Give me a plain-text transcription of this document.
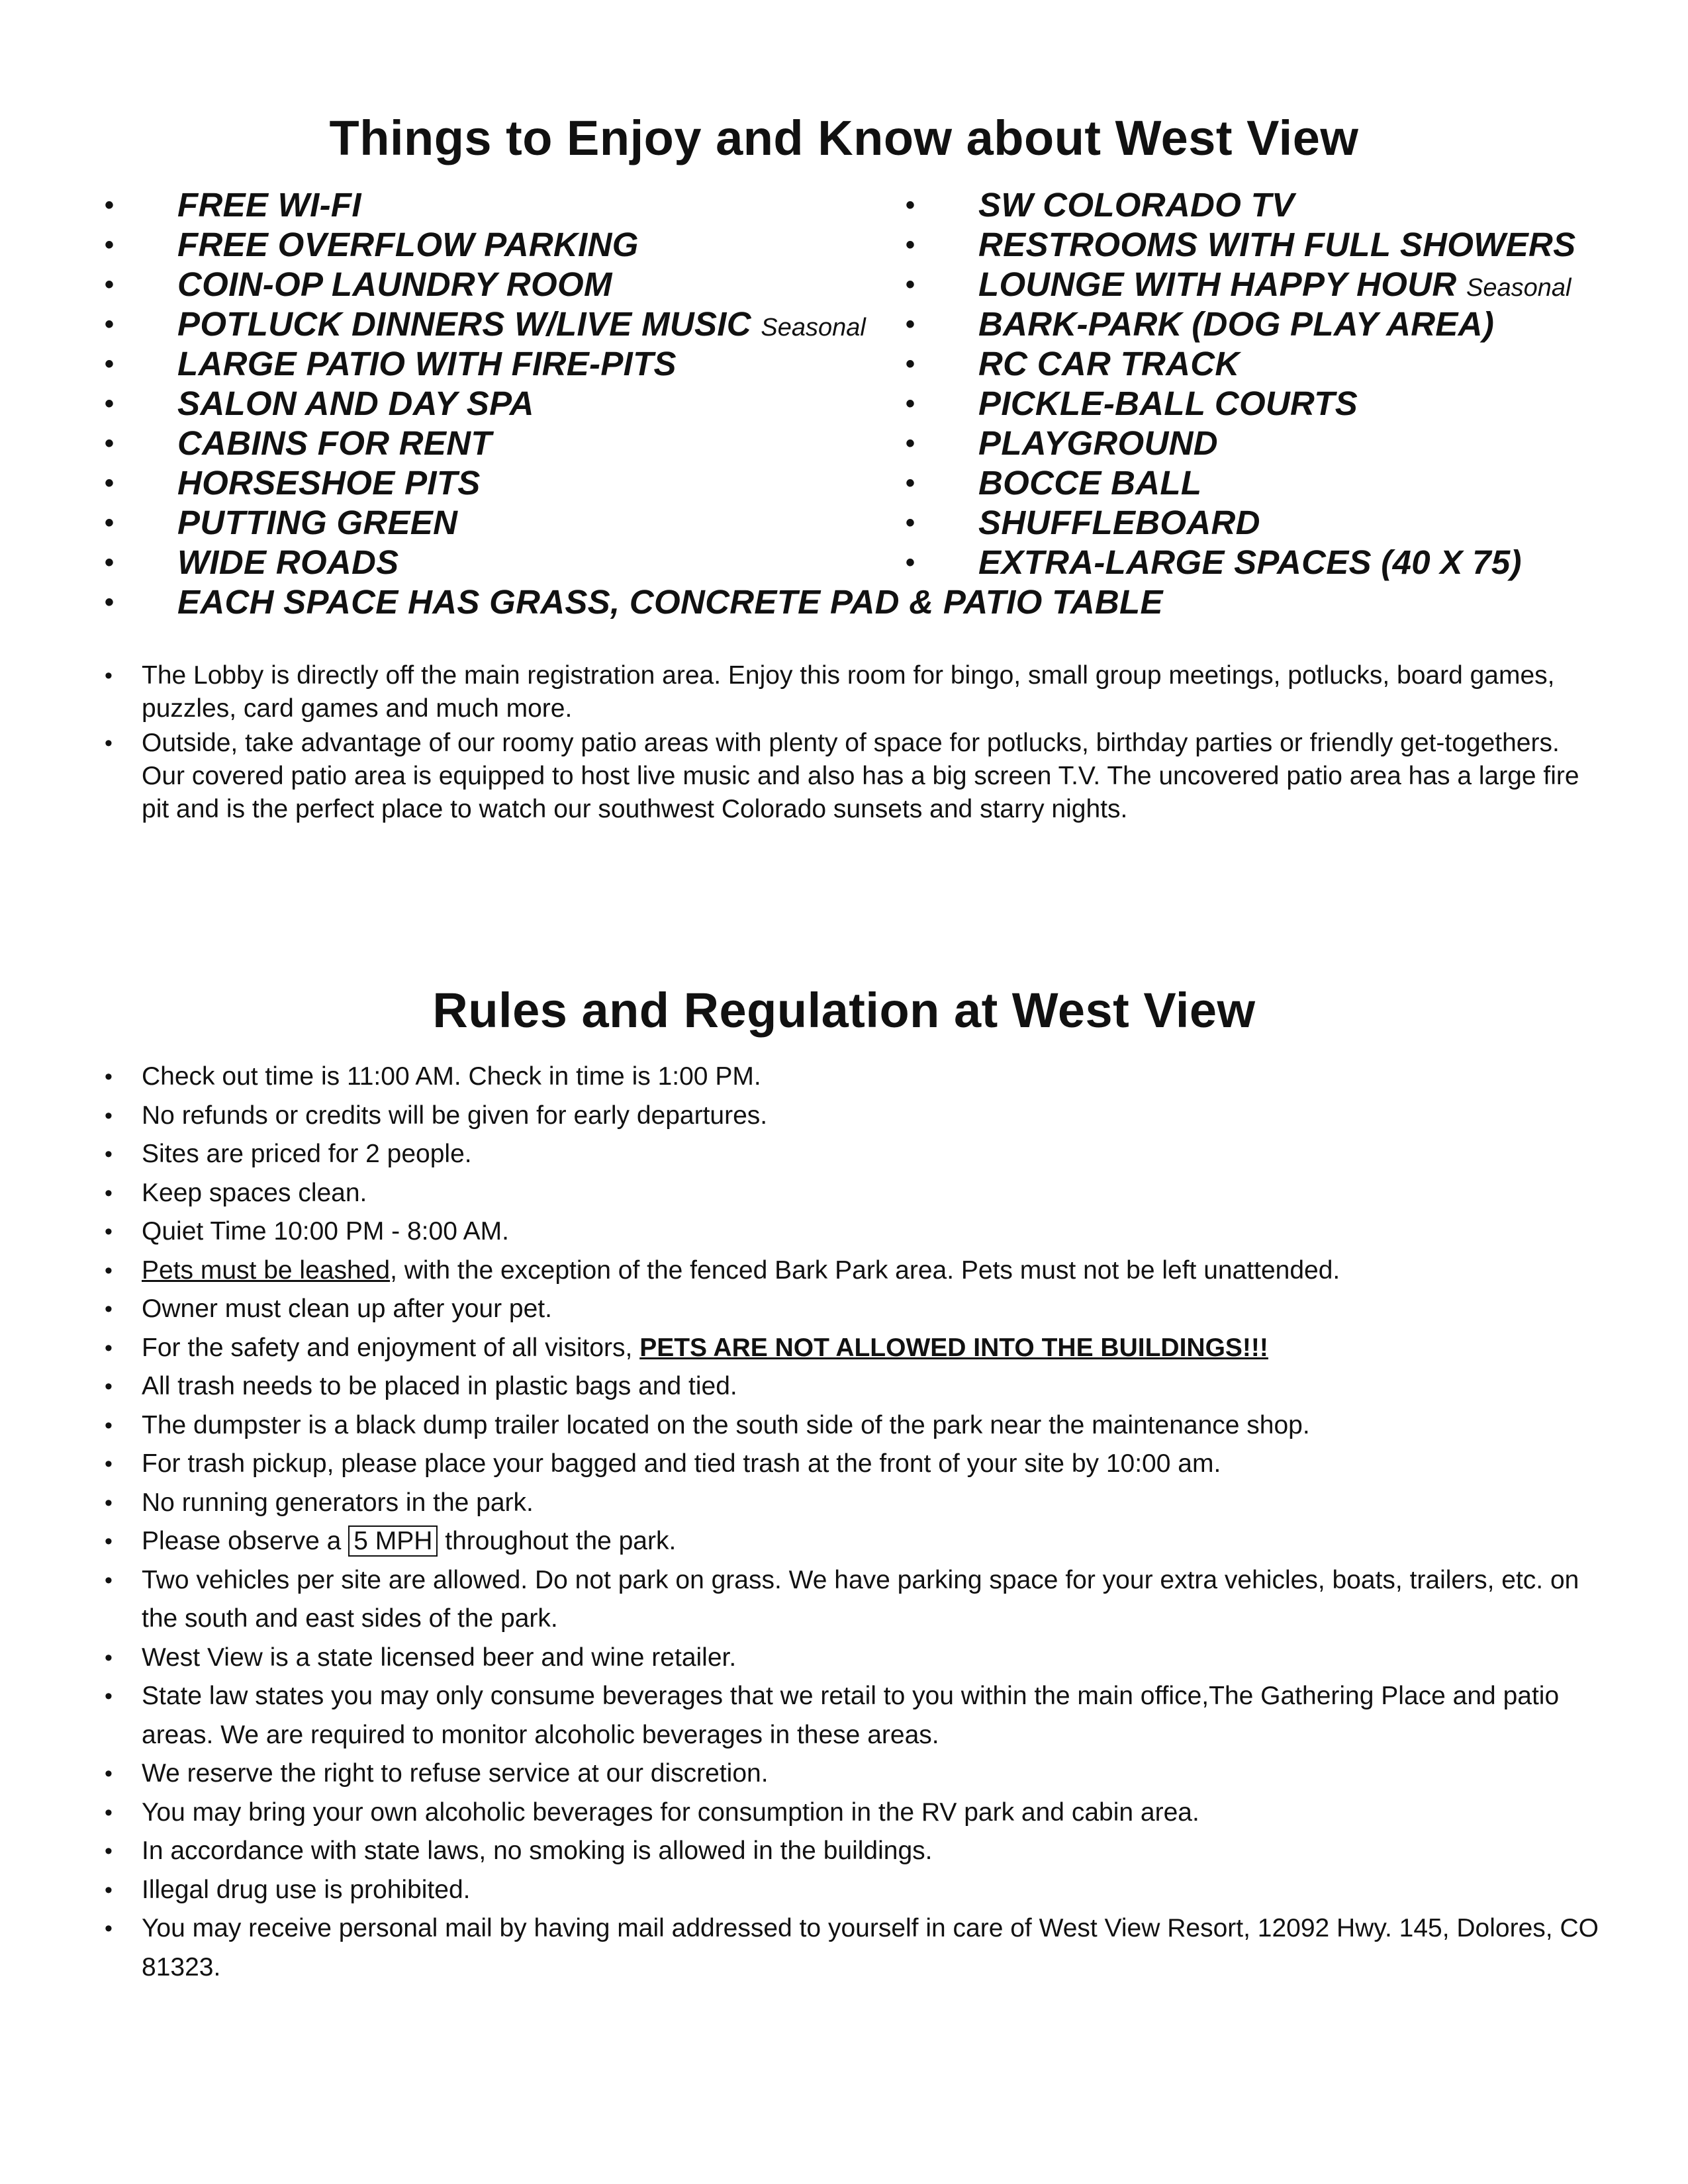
Things to Enjoy and Know about West View
• FREE WI-FI
• FREE OVERFLOW PARKING
• COIN-OP LAUNDRY ROOM
• POTLUCK DINNERS W/LIVE MUSIC Seasonal
• LARGE PATIO WITH FIRE-PITS
• SALON AND DAY SPA
• CABINS FOR RENT
• HORSESHOE PITS
• PUTTING GREEN
• WIDE ROADS
• SW COLORADO TV
• RESTROOMS WITH FULL SHOWERS
• LOUNGE WITH HAPPY HOUR Seasonal
• BARK-PARK (DOG PLAY AREA)
• RC CAR TRACK
• PICKLE-BALL COURTS
• PLAYGROUND
• BOCCE BALL
• SHUFFLEBOARD
• EXTRA-LARGE SPACES (40 X 75)
• EACH SPACE HAS GRASS, CONCRETE PAD & PATIO TABLE
• The Lobby is directly off the main registration area. Enjoy this room for bingo, small group meetings, potlucks, board games, puzzles, card games and much more.
• Outside, take advantage of our roomy patio areas with plenty of space for potlucks, birthday parties or friendly get-togethers. Our covered patio area is equipped to host live music and also has a big screen T.V. The uncovered patio area has a large fire pit and is the perfect place to watch our southwest Colorado sunsets and starry nights.
Rules and Regulation at West View
• Check out time is 11:00 AM. Check in time is 1:00 PM.
• No refunds or credits will be given for early departures.
• Sites are priced for 2 people.
• Keep spaces clean.
• Quiet Time 10:00 PM - 8:00 AM.
• Pets must be leashed, with the exception of the fenced Bark Park area. Pets must not be left unattended.
• Owner must clean up after your pet.
• For the safety and enjoyment of all visitors, PETS ARE NOT ALLOWED INTO THE BUILDINGS!!!
• All trash needs to be placed in plastic bags and tied.
• The dumpster is a black dump trailer located on the south side of the park near the maintenance shop.
• For trash pickup, please place your bagged and tied trash at the front of your site by 10:00 am.
• No running generators in the park.
• Please observe a 5 MPH throughout the park.
• Two vehicles per site are allowed. Do not park on grass. We have parking space for your extra vehicles, boats, trailers, etc. on the south and east sides of the park.
• West View is a state licensed beer and wine retailer.
• State law states you may only consume beverages that we retail to you within the main office,The Gathering Place and patio areas. We are required to monitor alcoholic beverages in these areas.
• We reserve the right to refuse service at our discretion.
• You may bring your own alcoholic beverages for consumption in the RV park and cabin area.
• In accordance with state laws, no smoking is allowed in the buildings.
• Illegal drug use is prohibited.
• You may receive personal mail by having mail addressed to yourself in care of West View Resort, 12092 Hwy. 145, Dolores, CO 81323.
